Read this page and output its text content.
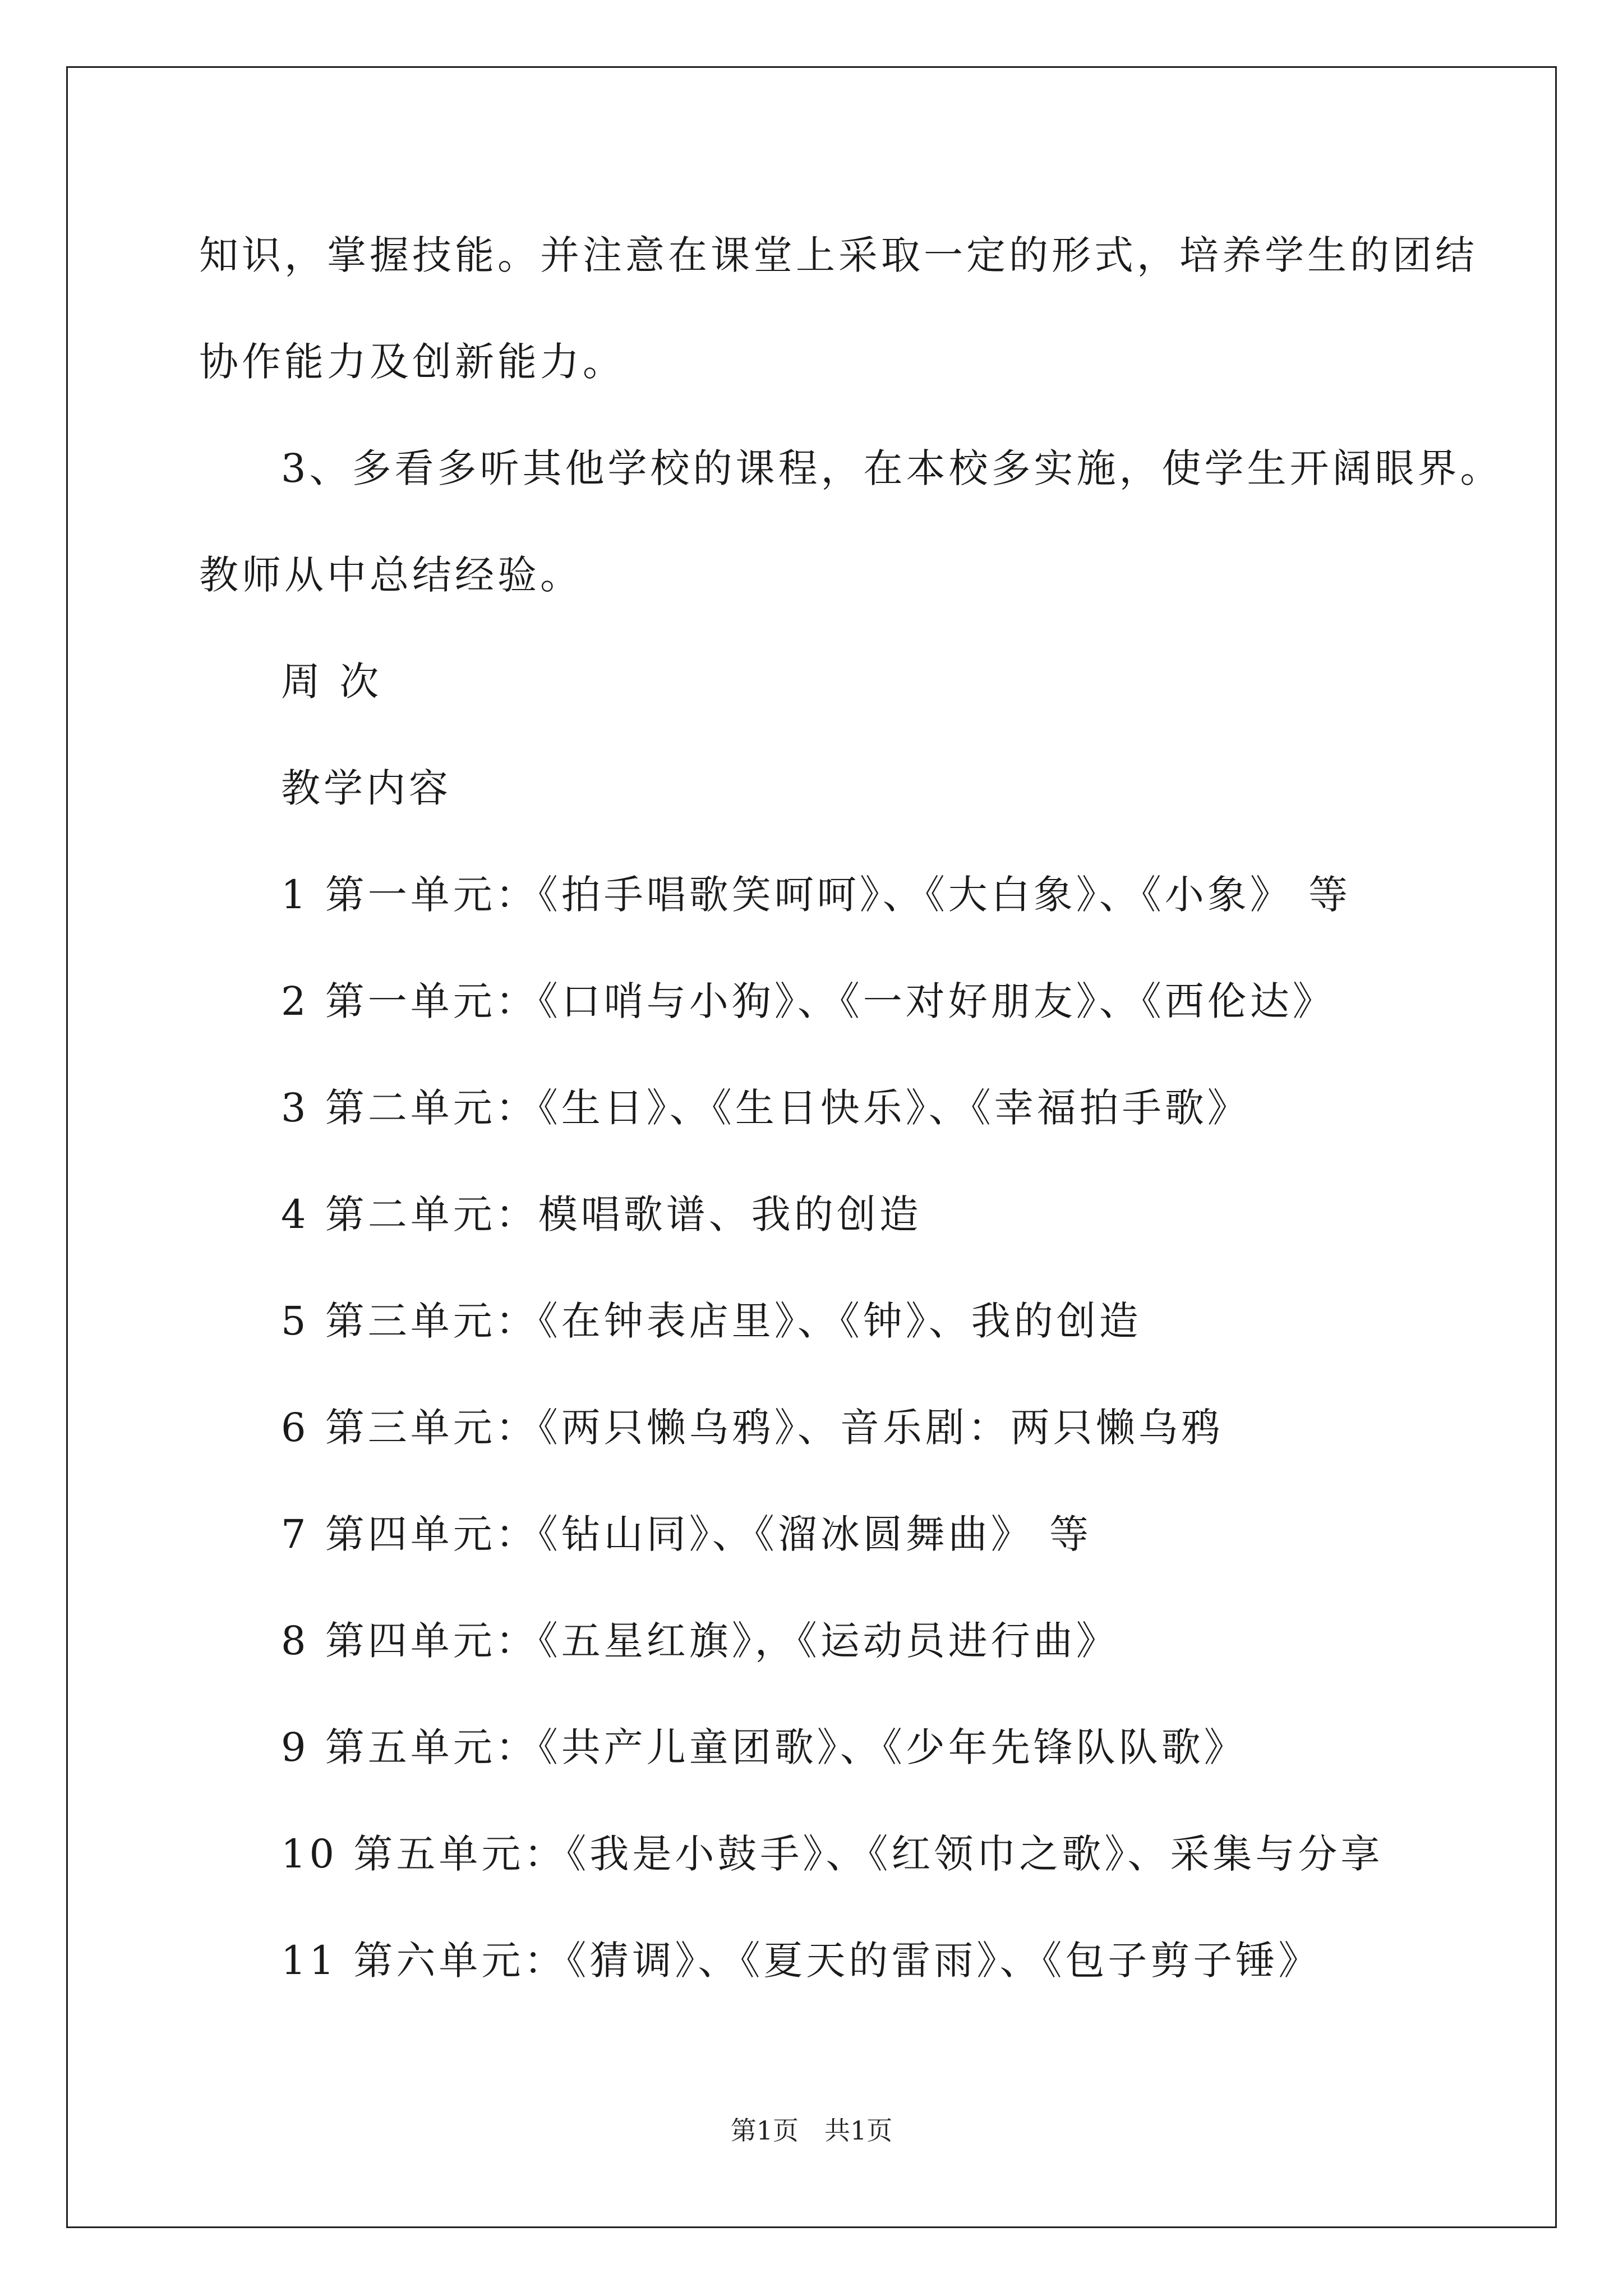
知识，掌握技能。并注意在课堂上采取一定的形式，培养学生的团结
协作能力及创新能力。
3、多看多听其他学校的课程，在本校多实施，使学生开阔眼界。
教师从中总结经验。
周 次
教学内容
1 第一单元：《拍手唱歌笑呵呵》、《大白象》、《小象》 等
2 第一单元：《口哨与小狗》、《一对好朋友》、《西伦达》
3 第二单元：《生日》、《生日快乐》、《幸福拍手歌》
4 第二单元：模唱歌谱、我的创造
5 第三单元：《在钟表店里》、《钟》、我的创造
6 第三单元：《两只懒乌鸦》、音乐剧：两只懒乌鸦
7 第四单元：《钻山同》、《溜冰圆舞曲》 等
8 第四单元：《五星红旗》，《运动员进行曲》
9 第五单元：《共产儿童团歌》、《少年先锋队队歌》
10 第五单元：《我是小鼓手》、《红领巾之歌》、采集与分享
11 第六单元：《猜调》、《夏天的雷雨》、《包子剪子锤》
第1页　共1页
